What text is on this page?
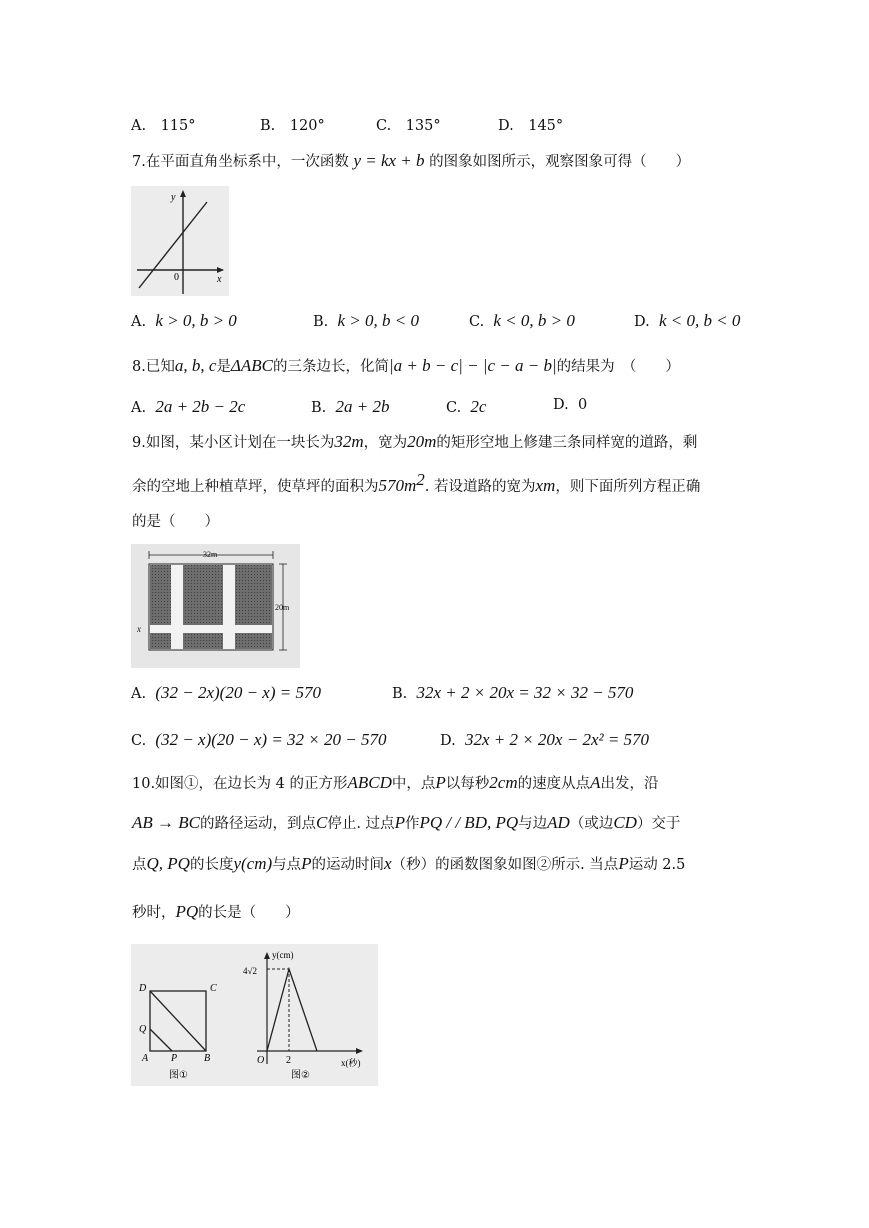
A.　115°	B.　120°	C.　135°	D.　145°
7.在平面直角坐标系中，一次函数 y = kx + b 的图象如图所示，观察图象可得（　　）
y
x
0
A. k > 0, b > 0	B. k > 0, b < 0	C. k < 0, b > 0	D. k < 0, b < 0
8.已知a, b, c是ΔABC的三条边长，化简|a + b − c| − |c − a − b|的结果为　（　　）
A. 2a + 2b − 2c	B. 2a + 2b	C. 2c	D. 0
9.如图，某小区计划在一块长为32m，宽为20m的矩形空地上修建三条同样宽的道路，剩
余的空地上种植草坪，使草坪的面积为$570m^2$. 若设道路的宽为xm，则下面所列方程正确
的是（　　）
32m
20m
x
A. (32 − 2x)(20 − x) = 570	B. 32x + 2 × 20x = 32 × 32 − 570
C. (32 − x)(20 − x) = 32 × 20 − 570	D. 32x + 2 × 20x − 2x² = 570
10.如图①，在边长为 4 的正方形ABCD中，点P以每秒2cm的速度从点A出发，沿
AB → BC的路径运动，到点C停止. 过点P作PQ / / BD, PQ与边AD（或边CD）交于
点Q, PQ的长度y(cm)与点P的运动时间x（秒）的函数图象如图②所示. 当点P运动 2.5
秒时，PQ的长是（　　）
D	C
Q
A P	B
图①
y(cm)
4√2
O 2	x(秒)
图②
